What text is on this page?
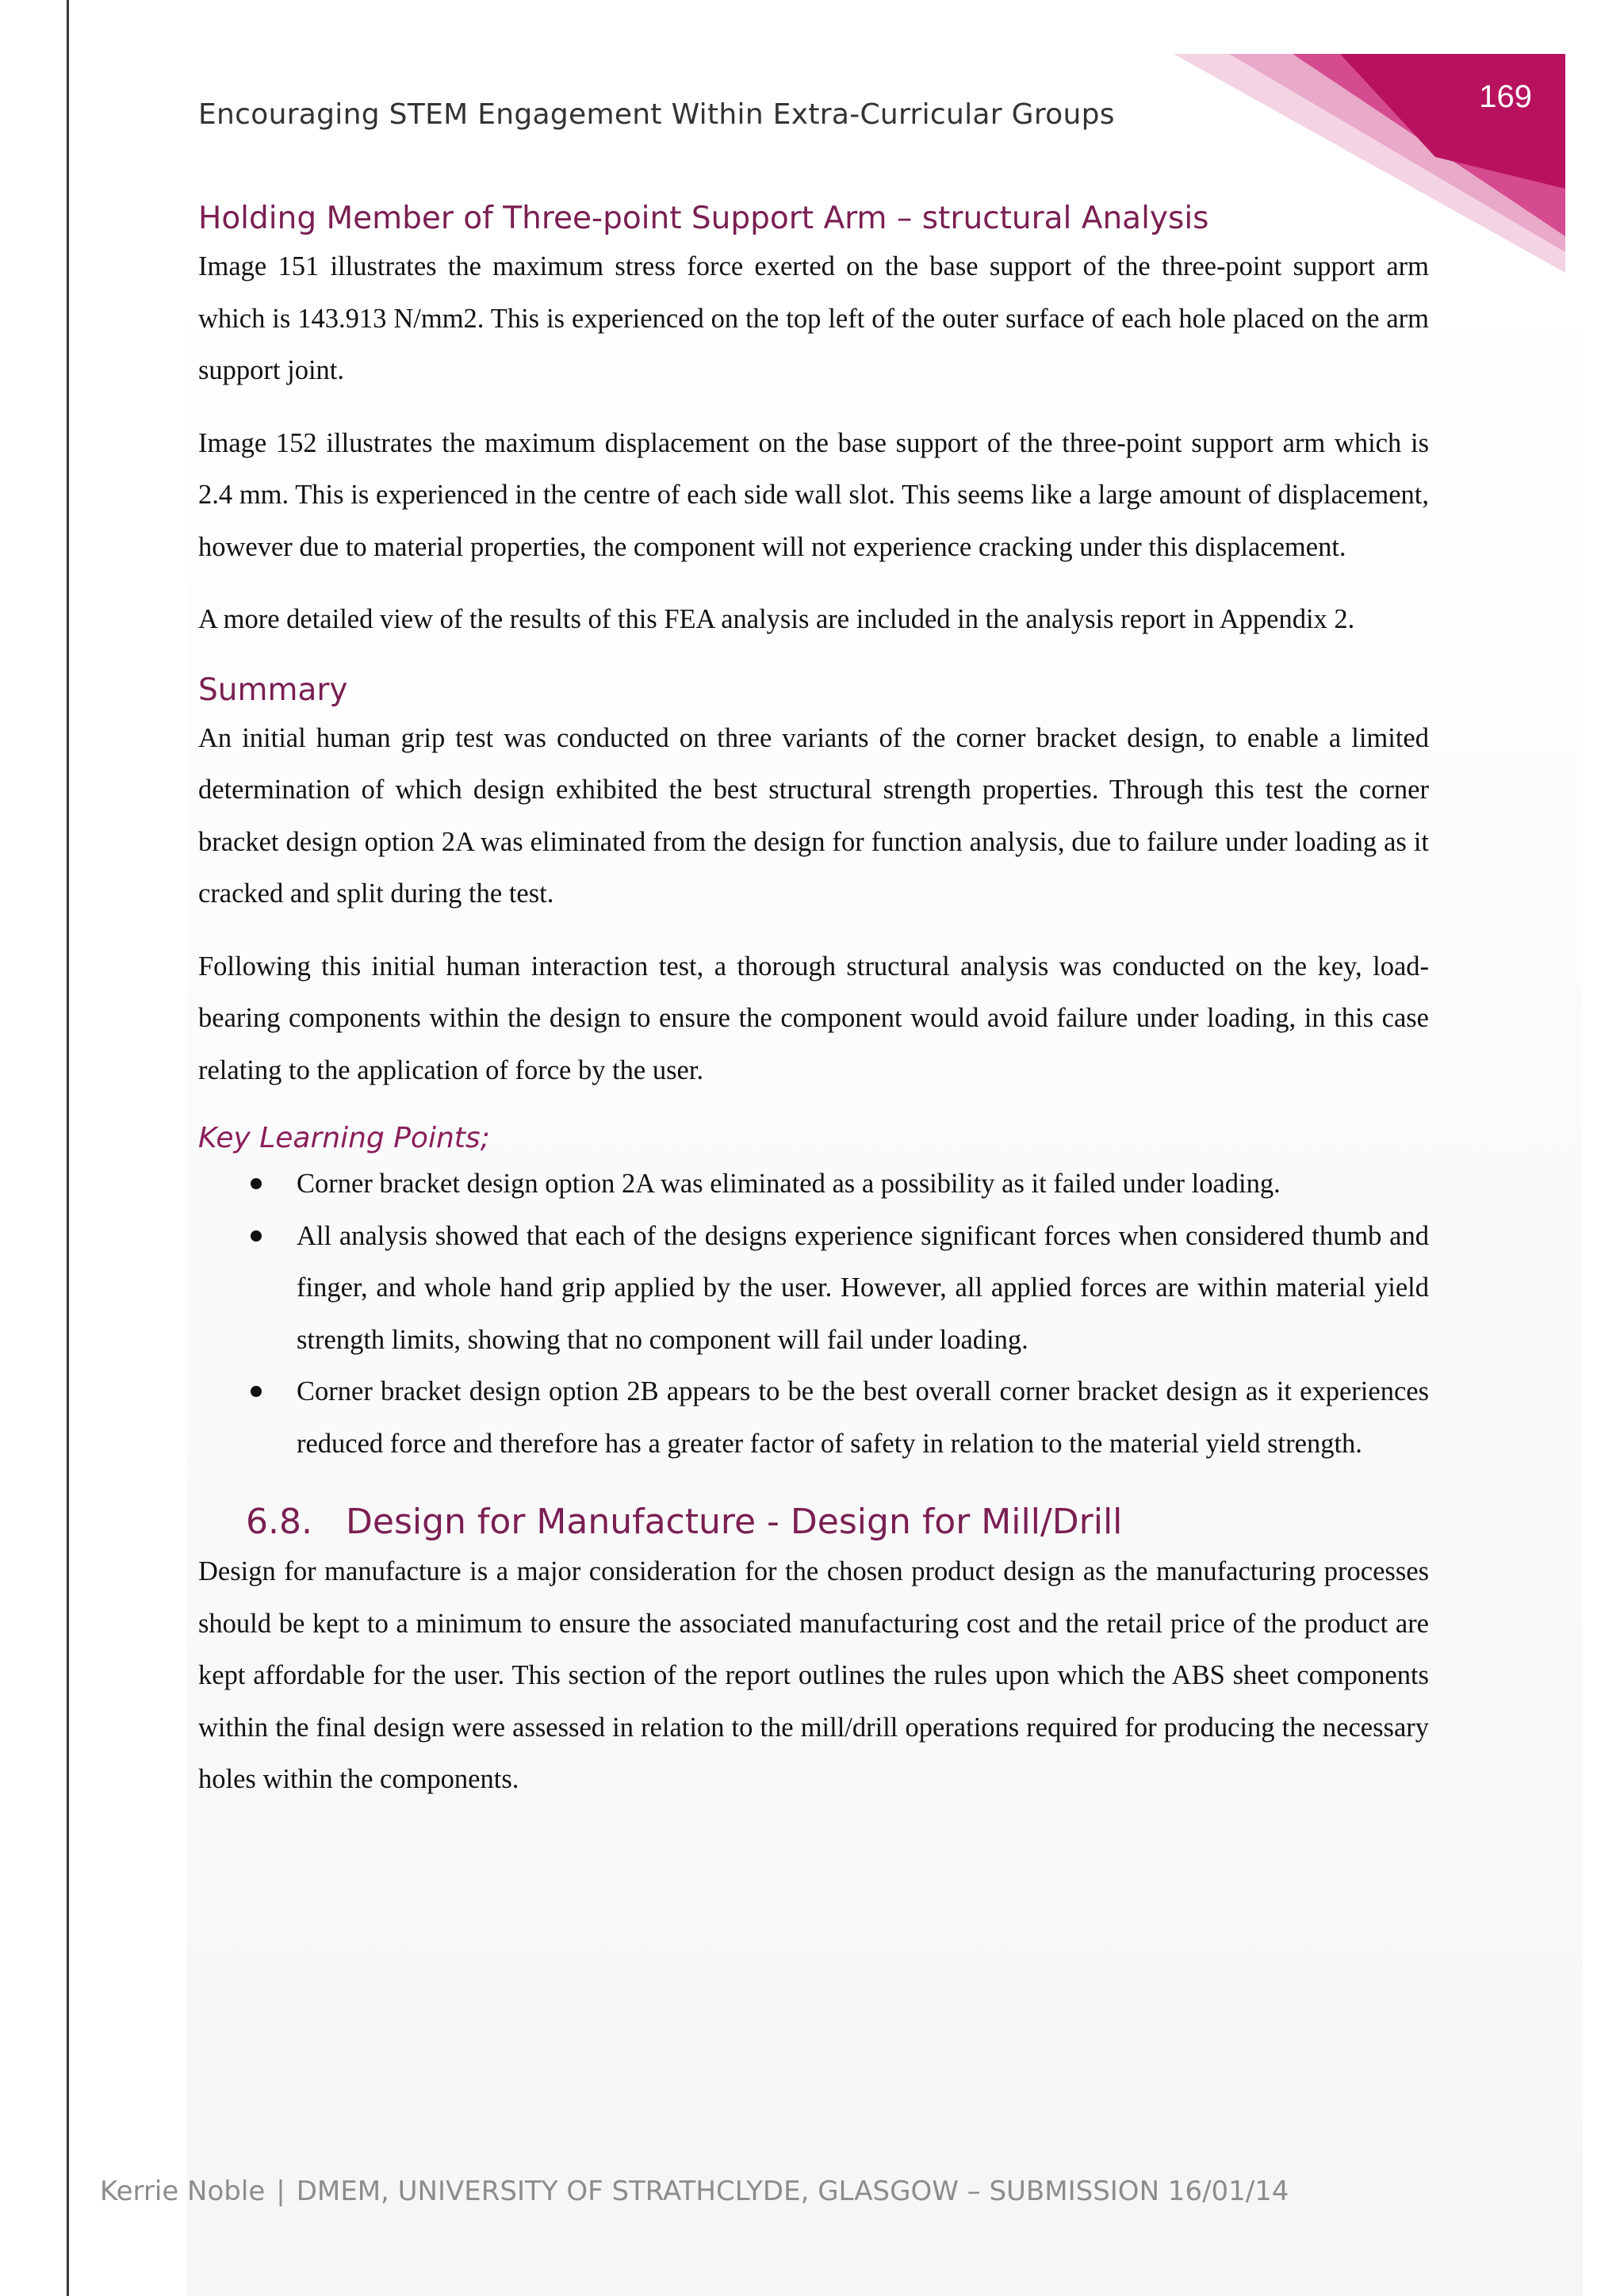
169
Encouraging STEM Engagement Within Extra-Curricular Groups
Holding Member of Three-point Support Arm – structural Analysis

Image 151 illustrates the maximum stress force exerted on the base support of the three-point support arm which is 143.913 N/mm2. This is experienced on the top left of the outer surface of each hole placed on the arm support joint.

Image 152 illustrates the maximum displacement on the base support of the three-point support arm which is 2.4 mm. This is experienced in the centre of each side wall slot. This seems like a large amount of displacement, however due to material properties, the component will not experience cracking under this displacement.

A more detailed view of the results of this FEA analysis are included in the analysis report in Appendix 2.

Summary

An initial human grip test was conducted on three variants of the corner bracket design, to enable a limited determination of which design exhibited the best structural strength properties. Through this test the corner bracket design option 2A was eliminated from the design for function analysis, due to failure under loading as it cracked and split during the test.

Following this initial human interaction test, a thorough structural analysis was conducted on the key, load-bearing components within the design to ensure the component would avoid failure under loading, in this case relating to the application of force by the user.

Key Learning Points;
Corner bracket design option 2A was eliminated as a possibility as it failed under loading.
All analysis showed that each of the designs experience significant forces when considered thumb and finger, and whole hand grip applied by the user. However, all applied forces are within material yield strength limits, showing that no component will fail under loading.
Corner bracket design option 2B appears to be the best overall corner bracket design as it experiences reduced force and therefore has a greater factor of safety in relation to the material yield strength.
6.8. Design for Manufacture - Design for Mill/Drill

Design for manufacture is a major consideration for the chosen product design as the manufacturing processes should be kept to a minimum to ensure the associated manufacturing cost and the retail price of the product are kept affordable for the user. This section of the report outlines the rules upon which the ABS sheet components within the final design were assessed in relation to the mill/drill operations required for producing the necessary holes within the components.

Kerrie Noble | DMEM, UNIVERSITY OF STRATHCLYDE, GLASGOW – SUBMISSION 16/01/14
